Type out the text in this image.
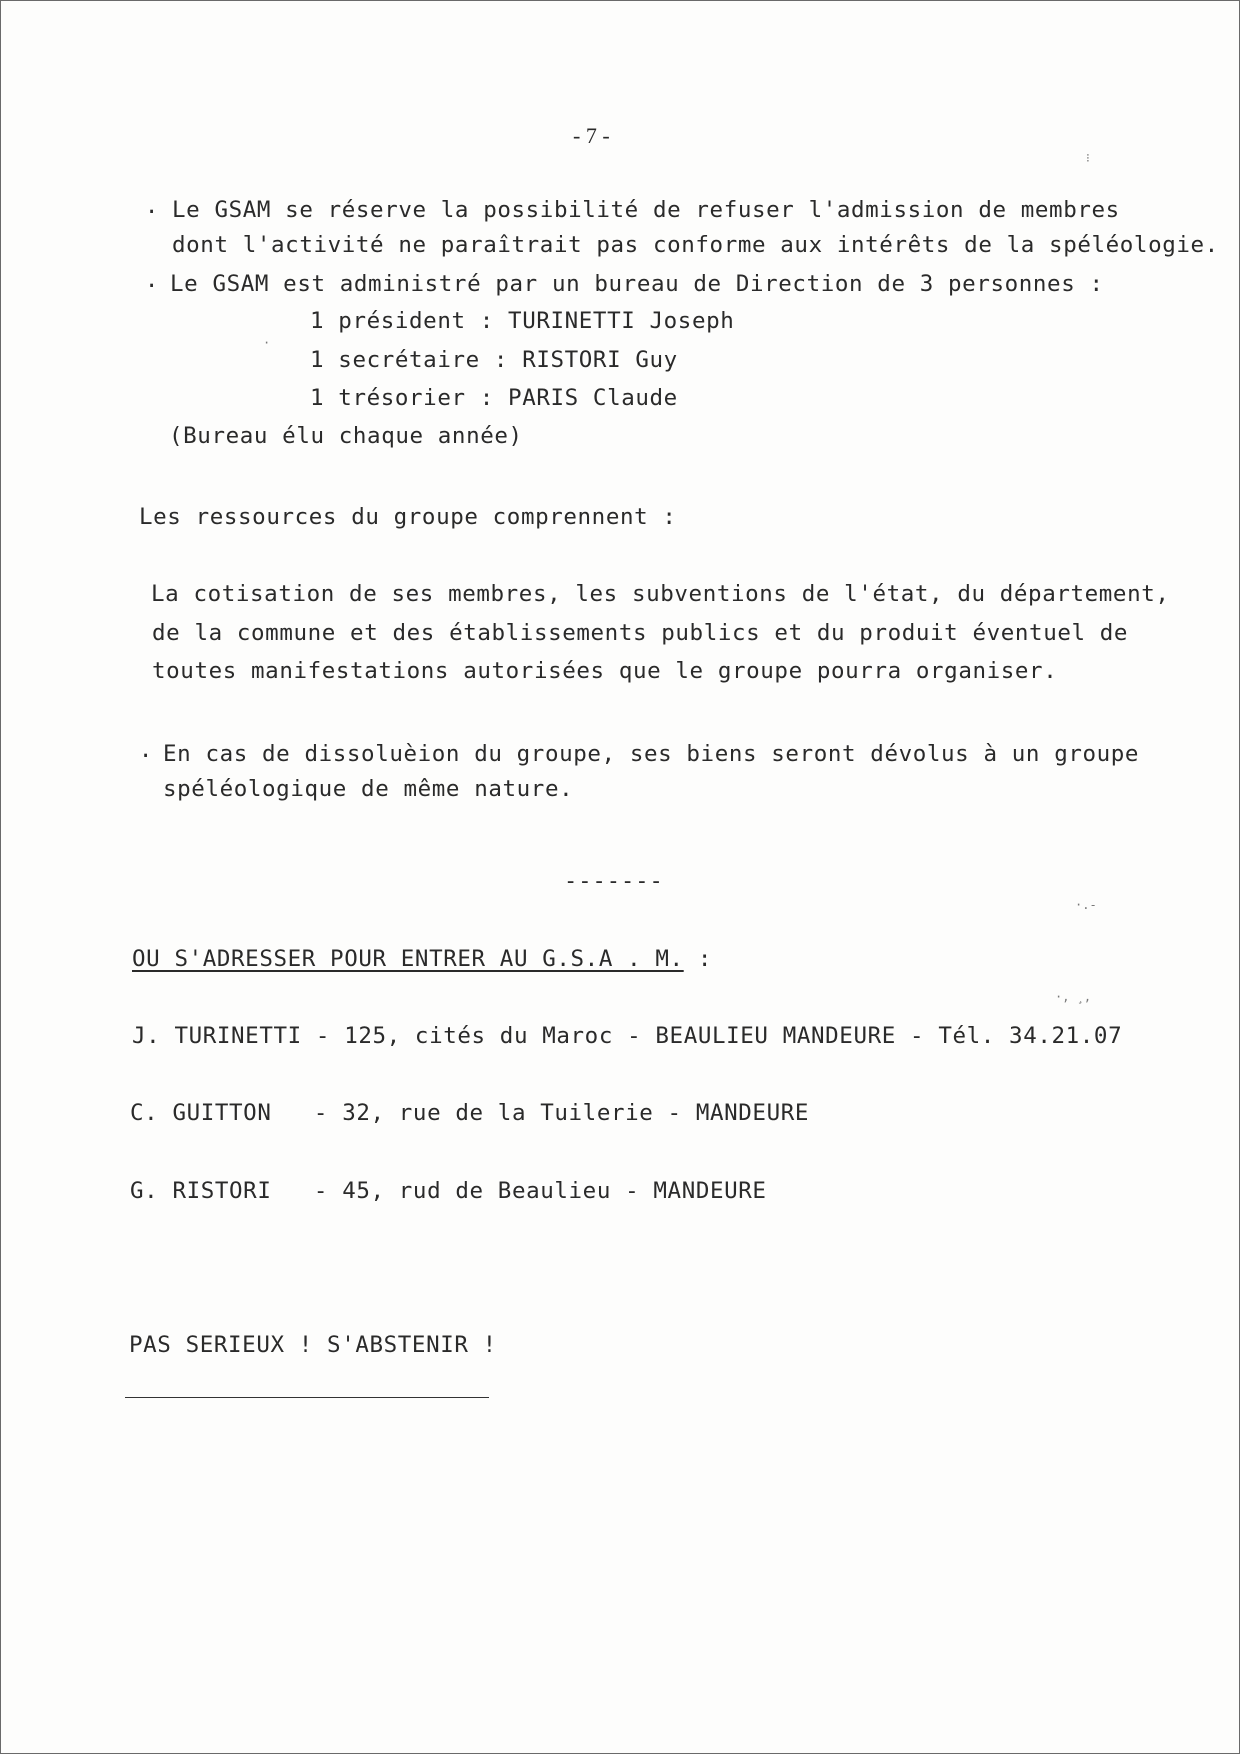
- 7 -
. Le GSAM se réserve la possibilité de refuser l'admission de membres
dont l'activité ne paraîtrait pas conforme aux intérêts de la spéléologie.
. Le GSAM est administré par un bureau de Direction de 3 personnes :
1 président : TURINETTI Joseph
1 secrétaire : RISTORI Guy
1 trésorier : PARIS Claude
(Bureau élu chaque année)
Les ressources du groupe comprennent :
La cotisation de ses membres, les subventions de l'état, du département,
de la commune et des établissements publics et du produit éventuel de
toutes manifestations autorisées que le groupe pourra organiser.
. En cas de dissoluèion du groupe, ses biens seront dévolus à un groupe
spéléologique de même nature.
-------
OU S'ADRESSER POUR ENTRER AU G.S.A . M. :
J. TURINETTI - 125, cités du Maroc - BEAULIEU MANDEURE - Tél. 34.21.07
C. GUITTON   - 32, rue de la Tuilerie - MANDEURE
G. RISTORI   - 45, rud de Beaulieu - MANDEURE
PAS SERIEUX ! S'ABSTENIR !
⁝
·
·.-
·, ¸,
